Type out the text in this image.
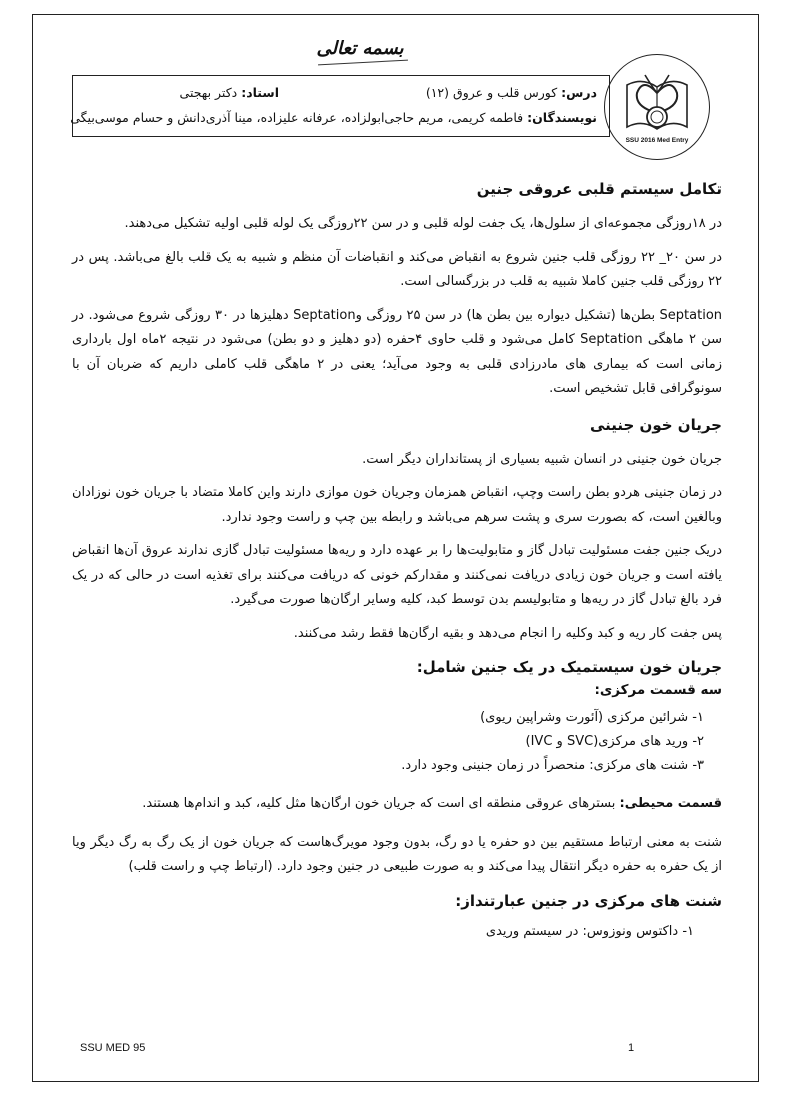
بسمه تعالی
SSU 2016 Med Entry
درس: کورس قلب و عروق (۱۲)
استاد: دکتر بهجتی
نویسندگان: فاطمه کریمی، مریم حاجی‌ابولزاده، عرفانه علیزاده، مینا آذری‌دانش و حسام موسی‌بیگی
تکامل سیستم قلبی عروقی جنین

در ۱۸روزگی مجموعه‌ای از سلول‌ها، یک جفت لوله قلبی و در سن ۲۲روزگی یک لوله قلبی اولیه تشکیل می‌دهند.

در سن ۲۰_ ۲۲ روزگی قلب جنین شروع به انقباض می‌کند و انقباضات آن منظم و شبیه به یک قلب بالغ می‌باشد. پس در ۲۲ روزگی قلب جنین کاملا شبیه به قلب در بزرگسالی است.

Septation بطن‌ها (تشکیل دیواره بین بطن ها) در سن ۲۵ روزگی وSeptation دهلیزها در ۳۰ روزگی شروع می‌شود. در سن ۲ ماهگی Septation کامل می‌شود و قلب حاوی ۴حفره (دو دهلیز و دو بطن) می‌شود در نتیجه ۲ماه اول بارداری زمانی است که بیماری های مادرزادی قلبی به وجود می‌آید؛ یعنی در ۲ ماهگی قلب کاملی داریم که ضربان آن با سونوگرافی قابل تشخیص است.

جریان خون جنینی

جریان خون جنینی در انسان شبیه بسیاری از پستانداران دیگر است.

در زمان جنینی هردو بطن راست وچپ، انقباض همزمان وجریان خون موازی دارند واین کاملا متضاد با جریان خون نوزادان وبالغین است، که بصورت سری و پشت سرهم می‌باشد و رابطه بین چپ و راست وجود ندارد.

دریک جنین جفت مسئولیت تبادل گاز و متابولیت‌ها را بر عهده دارد و ریه‌ها مسئولیت تبادل گازی ندارند عروق آن‌ها انقباض یافته است و جریان خون زیادی دریافت نمی‌کنند و مقدارکم خونی که دریافت می‌کنند برای تغذیه است در حالی که در یک فرد بالغ تبادل گاز در ریه‌ها و متابولیسم بدن توسط کبد، کلیه وسایر ارگان‌ها صورت می‌گیرد.

پس جفت کار ریه و کبد وکلیه را انجام می‌دهد و بقیه ارگان‌ها فقط رشد می‌کنند.

جریان خون سیستمیک در یک جنین شامل:
سه قسمت مرکزی:
۱- شرائین مرکزی (آئورت وشراپین ریوی)
۲- ورید های مرکزی(SVC و IVC)
۳- شنت های مرکزی: منحصراً در زمان جنینی وجود دارد.

قسمت محیطی: بسترهای عروقی منطقه ای است که جریان خون ارگان‌ها مثل کلیه، کبد و اندام‌ها هستند.

شنت به معنی ارتباط مستقیم بین دو حفره یا دو رگ، بدون وجود مویرگ‌هاست که جریان خون از یک رگ به رگ دیگر ویا از یک حفره به حفره دیگر انتقال پیدا می‌کند و به صورت طبیعی در جنین وجود دارد. (ارتباط چپ و راست قلب)

شنت های مرکزی در جنین عبارتنداز:
۱- داکتوس ونوزوس: در سیستم وریدی
SSU MED 95	1
